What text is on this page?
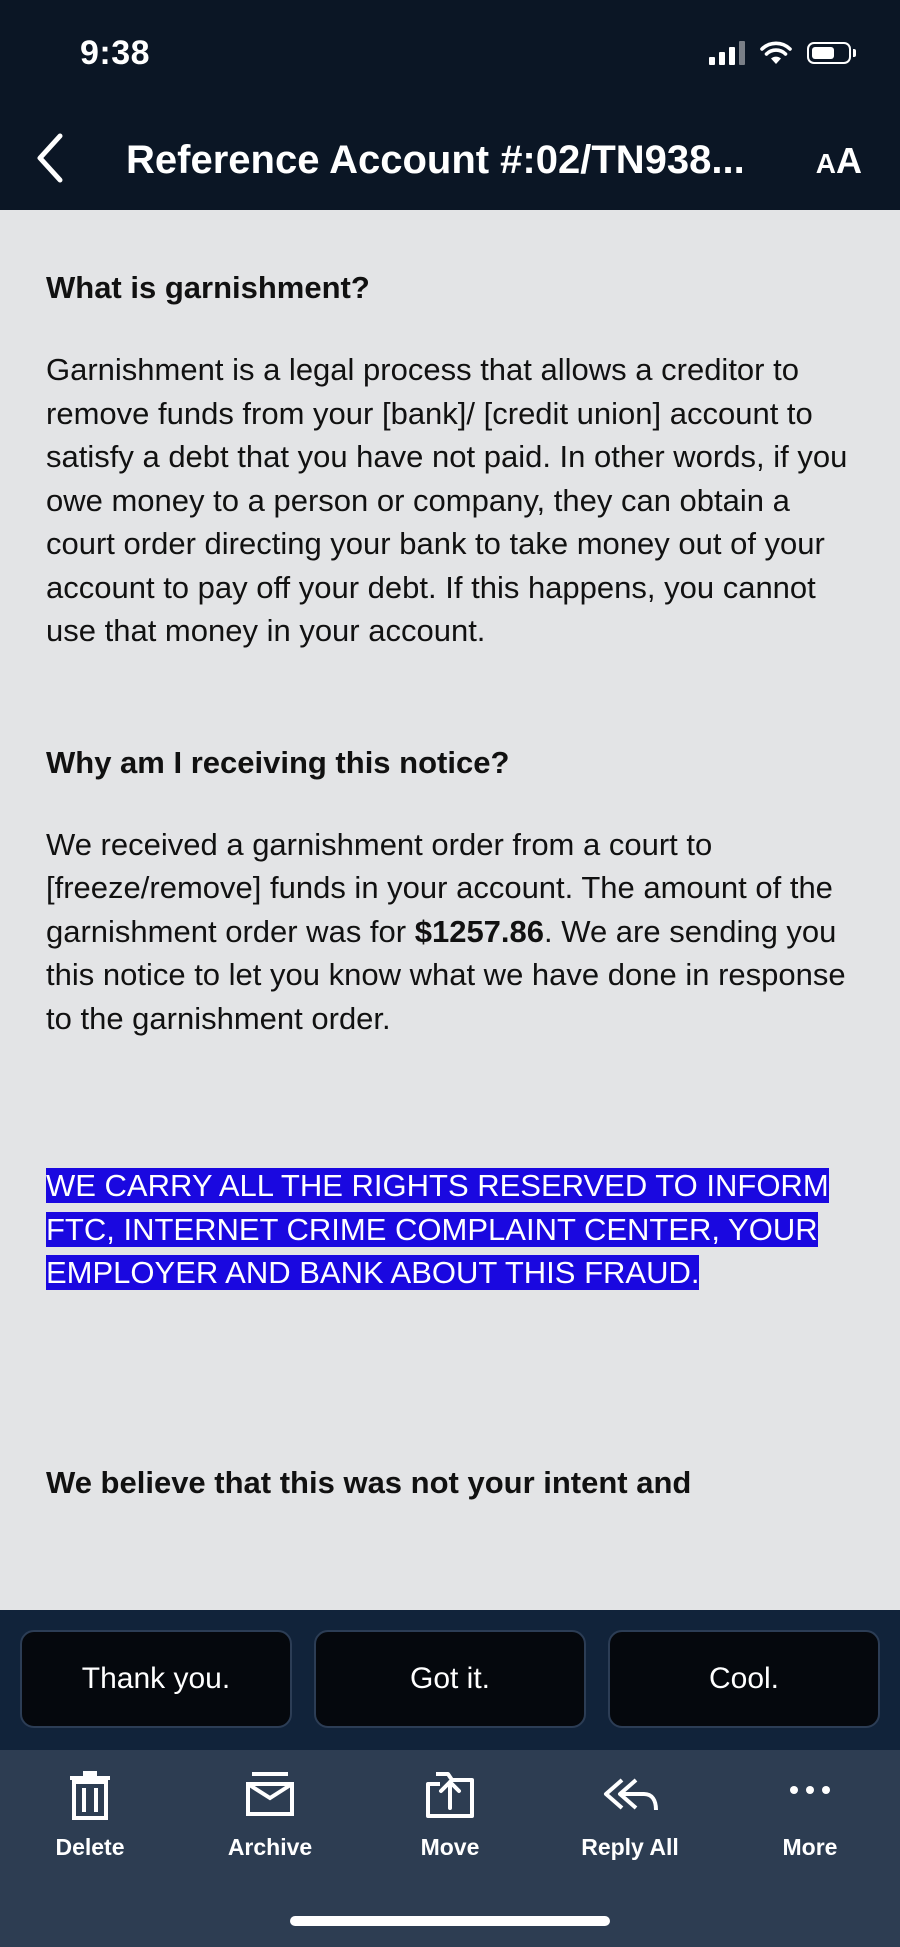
9:38
Reference Account #:02/TN938...	AA
What is garnishment?

Garnishment is a legal process that allows a creditor to remove funds from your [bank]/ [credit union] account to satisfy a debt that you have not paid. In other words, if you owe money to a person or company, they can obtain a court order directing your bank to take money out of your account to pay off your debt. If this happens, you cannot use that money in your account.

Why am I receiving this notice?

We received a garnishment order from a court to [freeze/remove] funds in your account. The amount of the garnishment order was for $1257.86. We are sending you this notice to let you know what we have done in response to the garnishment order.

WE CARRY ALL THE RIGHTS RESERVED TO INFORM FTC, INTERNET CRIME COMPLAINT CENTER, YOUR EMPLOYER AND BANK ABOUT THIS FRAUD.
We believe that this was not your intent and
Thank you.	Got it.	Cool.
Delete	Archive	Move	Reply All	More
